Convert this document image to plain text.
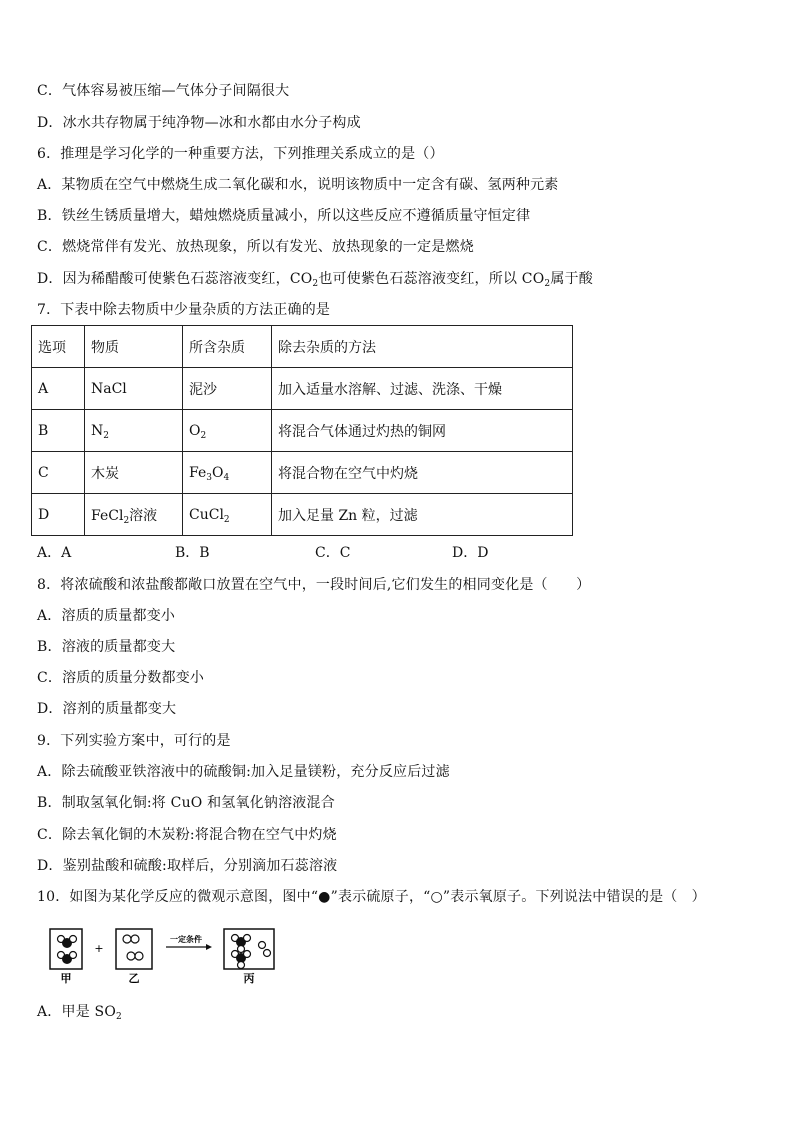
C．气体容易被压缩—气体分子间隔很大
D．冰水共存物属于纯净物—冰和水都由水分子构成
6．推理是学习化学的一种重要方法，下列推理关系成立的是（）
A．某物质在空气中燃烧生成二氧化碳和水，说明该物质中一定含有碳、氢两种元素
B．铁丝生锈质量增大，蜡烛燃烧质量减小，所以这些反应不遵循质量守恒定律
C．燃烧常伴有发光、放热现象，所以有发光、放热现象的一定是燃烧
D．因为稀醋酸可使紫色石蕊溶液变红，$CO_2$也可使紫色石蕊溶液变红，所以 $CO_2$属于酸
7．下表中除去物质中少量杂质的方法正确的是
选项	物质	所含杂质	除去杂质的方法
A	NaCl	泥沙	加入适量水溶解、过滤、洗涤、干燥
B	$N_2$	$O_2$	将混合气体通过灼热的铜网
C	木炭	$Fe_3O_4$	将混合物在空气中灼烧
D	FeCl$_2$溶液	CuCl$_2$	加入足量 Zn 粒，过滤
A．A	B．B	C．C	D．D
8．将浓硫酸和浓盐酸都敞口放置在空气中，一段时间后,它们发生的相同变化是（　　）
A．溶质的质量都变小
B．溶液的质量都变大
C．溶质的质量分数都变小
D．溶剂的质量都变大
9．下列实验方案中，可行的是
A．除去硫酸亚铁溶液中的硫酸铜:加入足量镁粉，充分反应后过滤
B．制取氢氧化铜:将 CuO 和氢氧化钠溶液混合
C．除去氧化铜的木炭粉:将混合物在空气中灼烧
D．鉴别盐酸和硫酸:取样后，分别滴加石蕊溶液
10．如图为某化学反应的微观示意图，图中“●”表示硫原子，“○”表示氧原子。下列说法中错误的是（　）
甲
+
乙
一定条件
丙
A．甲是 $SO_2$
